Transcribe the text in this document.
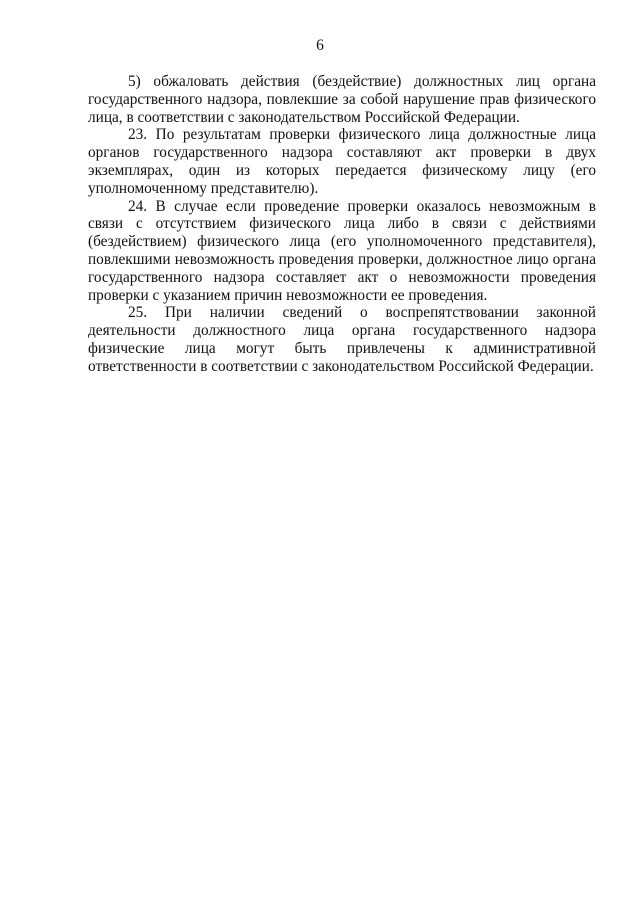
6

5) обжаловать действия (бездействие) должностных лиц органа государственного надзора, повлекшие за собой нарушение прав физического лица, в соответствии с законодательством Российской Федерации.

23. По результатам проверки физического лица должностные лица органов государственного надзора составляют акт проверки в двух экземплярах, один из которых передается физическому лицу (его уполномоченному представителю).

24. В случае если проведение проверки оказалось невозможным в связи с отсутствием физического лица либо в связи с действиями (бездействием) физического лица (его уполномоченного представителя), повлекшими невозможность проведения проверки, должностное лицо органа государственного надзора составляет акт о невозможности проведения проверки с указанием причин невозможности ее проведения.

25. При наличии сведений о воспрепятствовании законной деятельности должностного лица органа государственного надзора физические лица могут быть привлечены к административной ответственности в соответствии с законодательством Российской Федерации.
